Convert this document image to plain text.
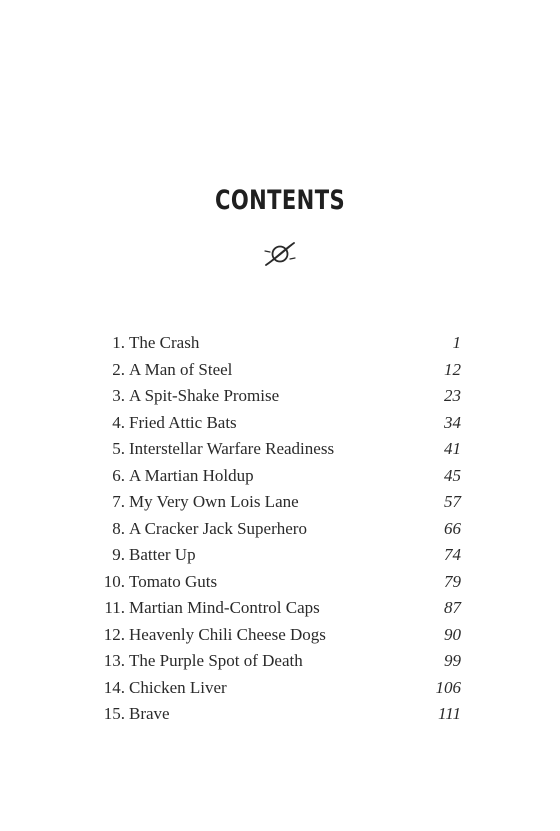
CONTENTS
1. The Crash	1
2. A Man of Steel	12
3. A Spit-Shake Promise	23
4. Fried Attic Bats	34
5. Interstellar Warfare Readiness	41
6. A Martian Holdup	45
7. My Very Own Lois Lane	57
8. A Cracker Jack Superhero	66
9. Batter Up	74
10. Tomato Guts	79
11. Martian Mind-Control Caps	87
12. Heavenly Chili Cheese Dogs	90
13. The Purple Spot of Death	99
14. Chicken Liver	106
15. Brave	111
